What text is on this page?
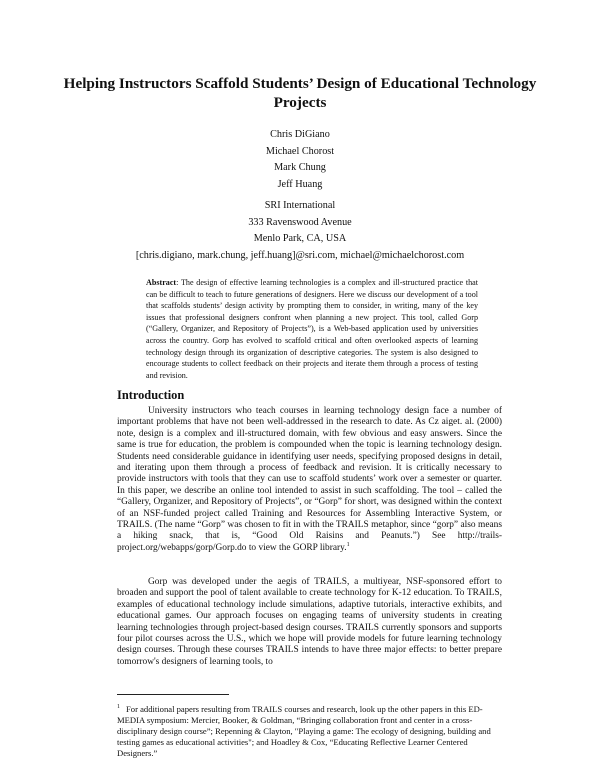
Helping Instructors Scaffold Students’ Design of Educational Technology Projects
Chris DiGiano
Michael Chorost
Mark Chung
Jeff Huang
SRI International
333 Ravenswood Avenue
Menlo Park, CA, USA
[chris.digiano, mark.chung, jeff.huang]@sri.com, michael@michaelchorost.com
Abstract: The design of effective learning technologies is a complex and ill-structured practice that can be difficult to teach to future generations of designers. Here we discuss our development of a tool that scaffolds students’ design activity by prompting them to consider, in writing, many of the key issues that professional designers confront when planning a new project. This tool, called Gorp (“Gallery, Organizer, and Repository of Projects”), is a Web-based application used by universities across the country. Gorp has evolved to scaffold critical and often overlooked aspects of learning technology design through its organization of descriptive categories. The system is also designed to encourage students to collect feedback on their projects and iterate them through a process of testing and revision.
Introduction
University instructors who teach courses in learning technology design face a number of important problems that have not been well-addressed in the research to date. As Cz aiget. al. (2000) note, design is a complex and ill-structured domain, with few obvious and easy answers. Since the same is true for education, the problem is compounded when the topic is learning technology design. Students need considerable guidance in identifying user needs, specifying proposed designs in detail, and iterating upon them through a process of feedback and revision. It is critically necessary to provide instructors with tools that they can use to scaffold students’ work over a semester or quarter. In this paper, we describe an online tool intended to assist in such scaffolding. The tool – called the “Gallery, Organizer, and Repository of Projects”, or “Gorp” for short, was designed within the context of an NSF-funded project called Training and Resources for Assembling Interactive System, or TRAILS. (The name “Gorp” was chosen to fit in with the TRAILS metaphor, since “gorp” also means a hiking snack, that is, “Good Old Raisins and Peanuts.”) See http://trails-project.org/webapps/gorp/Gorp.do to view the GORP library.$^1$
Gorp was developed under the aegis of TRAILS, a multiyear, NSF-sponsored effort to broaden and support the pool of talent available to create technology for K-12 education. To TRAILS, examples of educational technology include simulations, adaptive tutorials, interactive exhibits, and educational games. Our approach focuses on engaging teams of university students in creating learning technologies through project-based design courses. TRAILS currently sponsors and supports four pilot courses across the U.S., which we hope will provide models for future learning technology design courses. Through these courses TRAILS intends to have three major effects: to better prepare tomorrow's designers of learning tools, to
$^1$ For additional papers resulting from TRAILS courses and research, look up the other papers in this ED-MEDIA symposium: Mercier, Booker, & Goldman, “Bringing collaboration front and center in a cross-disciplinary design course”; Repenning & Clayton, "Playing a game: The ecology of designing, building and testing games as educational activities"; and Hoadley & Cox, “Educating Reflective Learner Centered Designers.”
